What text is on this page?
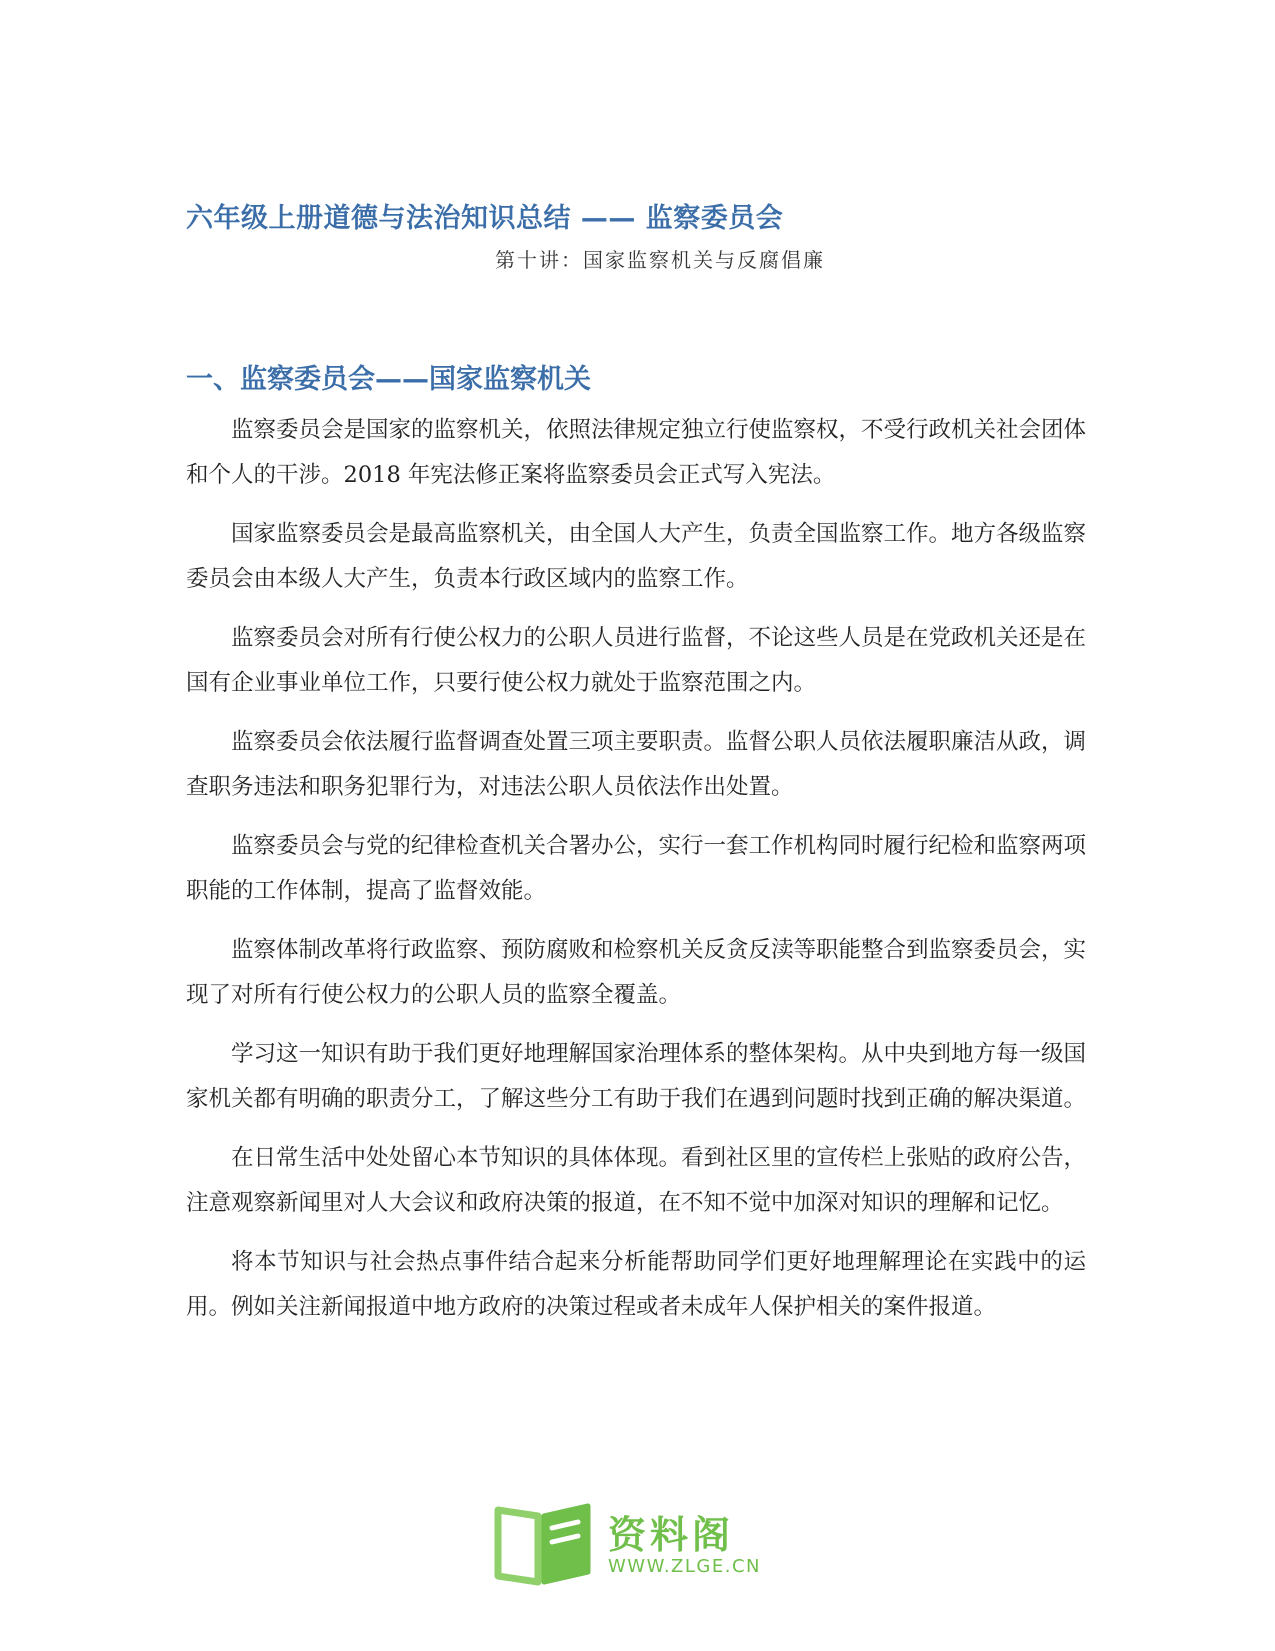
六年级上册道德与法治知识总结 —— 监察委员会
第十讲：国家监察机关与反腐倡廉
一、监察委员会——国家监察机关

监察委员会是国家的监察机关，依照法律规定独立行使监察权，不受行政机关社会团体和个人的干涉。2018 年宪法修正案将监察委员会正式写入宪法。

国家监察委员会是最高监察机关，由全国人大产生，负责全国监察工作。地方各级监察委员会由本级人大产生，负责本行政区域内的监察工作。

监察委员会对所有行使公权力的公职人员进行监督，不论这些人员是在党政机关还是在国有企业事业单位工作，只要行使公权力就处于监察范围之内。

监察委员会依法履行监督调查处置三项主要职责。监督公职人员依法履职廉洁从政，调查职务违法和职务犯罪行为，对违法公职人员依法作出处置。

监察委员会与党的纪律检查机关合署办公，实行一套工作机构同时履行纪检和监察两项职能的工作体制，提高了监督效能。

监察体制改革将行政监察、预防腐败和检察机关反贪反渎等职能整合到监察委员会，实现了对所有行使公权力的公职人员的监察全覆盖。

学习这一知识有助于我们更好地理解国家治理体系的整体架构。从中央到地方每一级国家机关都有明确的职责分工，了解这些分工有助于我们在遇到问题时找到正确的解决渠道。

在日常生活中处处留心本节知识的具体体现。看到社区里的宣传栏上张贴的政府公告，注意观察新闻里对人大会议和政府决策的报道，在不知不觉中加深对知识的理解和记忆。

将本节知识与社会热点事件结合起来分析能帮助同学们更好地理解理论在实践中的运用。例如关注新闻报道中地方政府的决策过程或者未成年人保护相关的案件报道。

资料阁
WWW.ZLGE.CN
